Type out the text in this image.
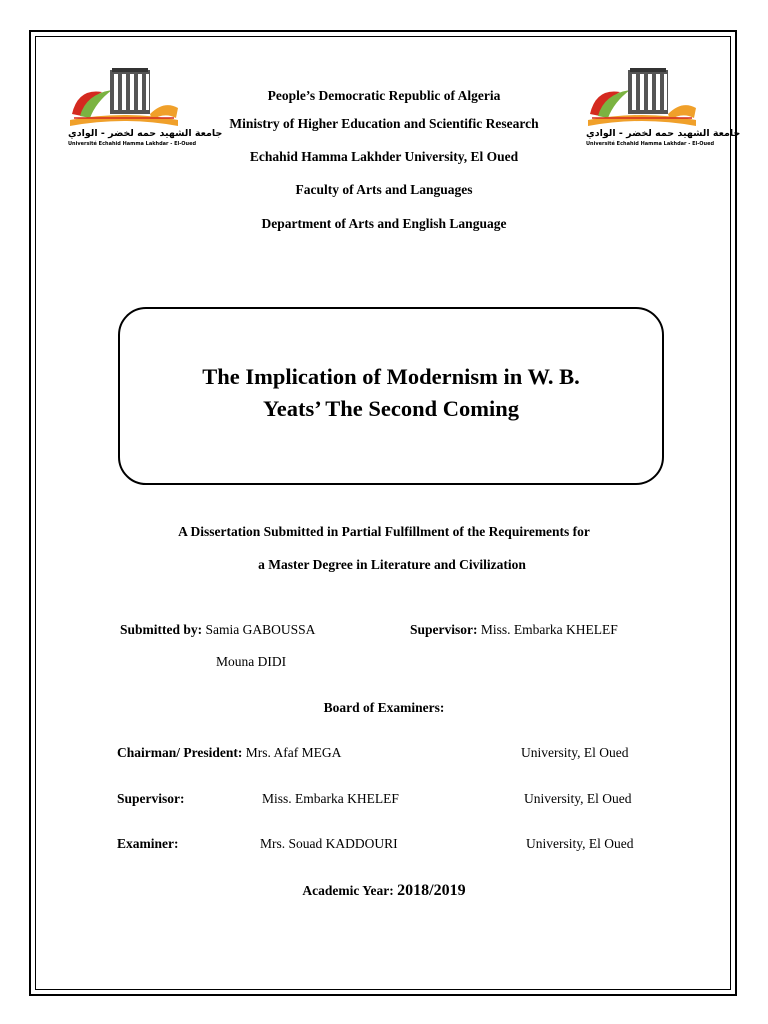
جامعة الشهيد حمه لخضر - الوادي
Université Echahid Hamma Lakhdar - El-Oued
جامعة الشهيد حمه لخضر - الوادي
Université Echahid Hamma Lakhdar - El-Oued
People’s Democratic Republic of Algeria
Ministry of Higher Education and Scientific Research
Echahid Hamma Lakhder University, El Oued
Faculty of Arts and Languages
Department of Arts and English Language
The Implication of Modernism in W. B.
Yeats’ The Second Coming
A Dissertation Submitted in Partial Fulfillment of the Requirements for
a Master Degree in Literature and Civilization
Submitted by: Samia GABOUSSA	Supervisor: Miss. Embarka KHELEF
Mouna DIDI
Board of Examiners:
Chairman/ President: Mrs. Afaf MEGA	University, El Oued
Supervisor:	Miss. Embarka KHELEF	University, El Oued
Examiner:	Mrs. Souad KADDOURI	University, El Oued
Academic Year: 2018/2019
